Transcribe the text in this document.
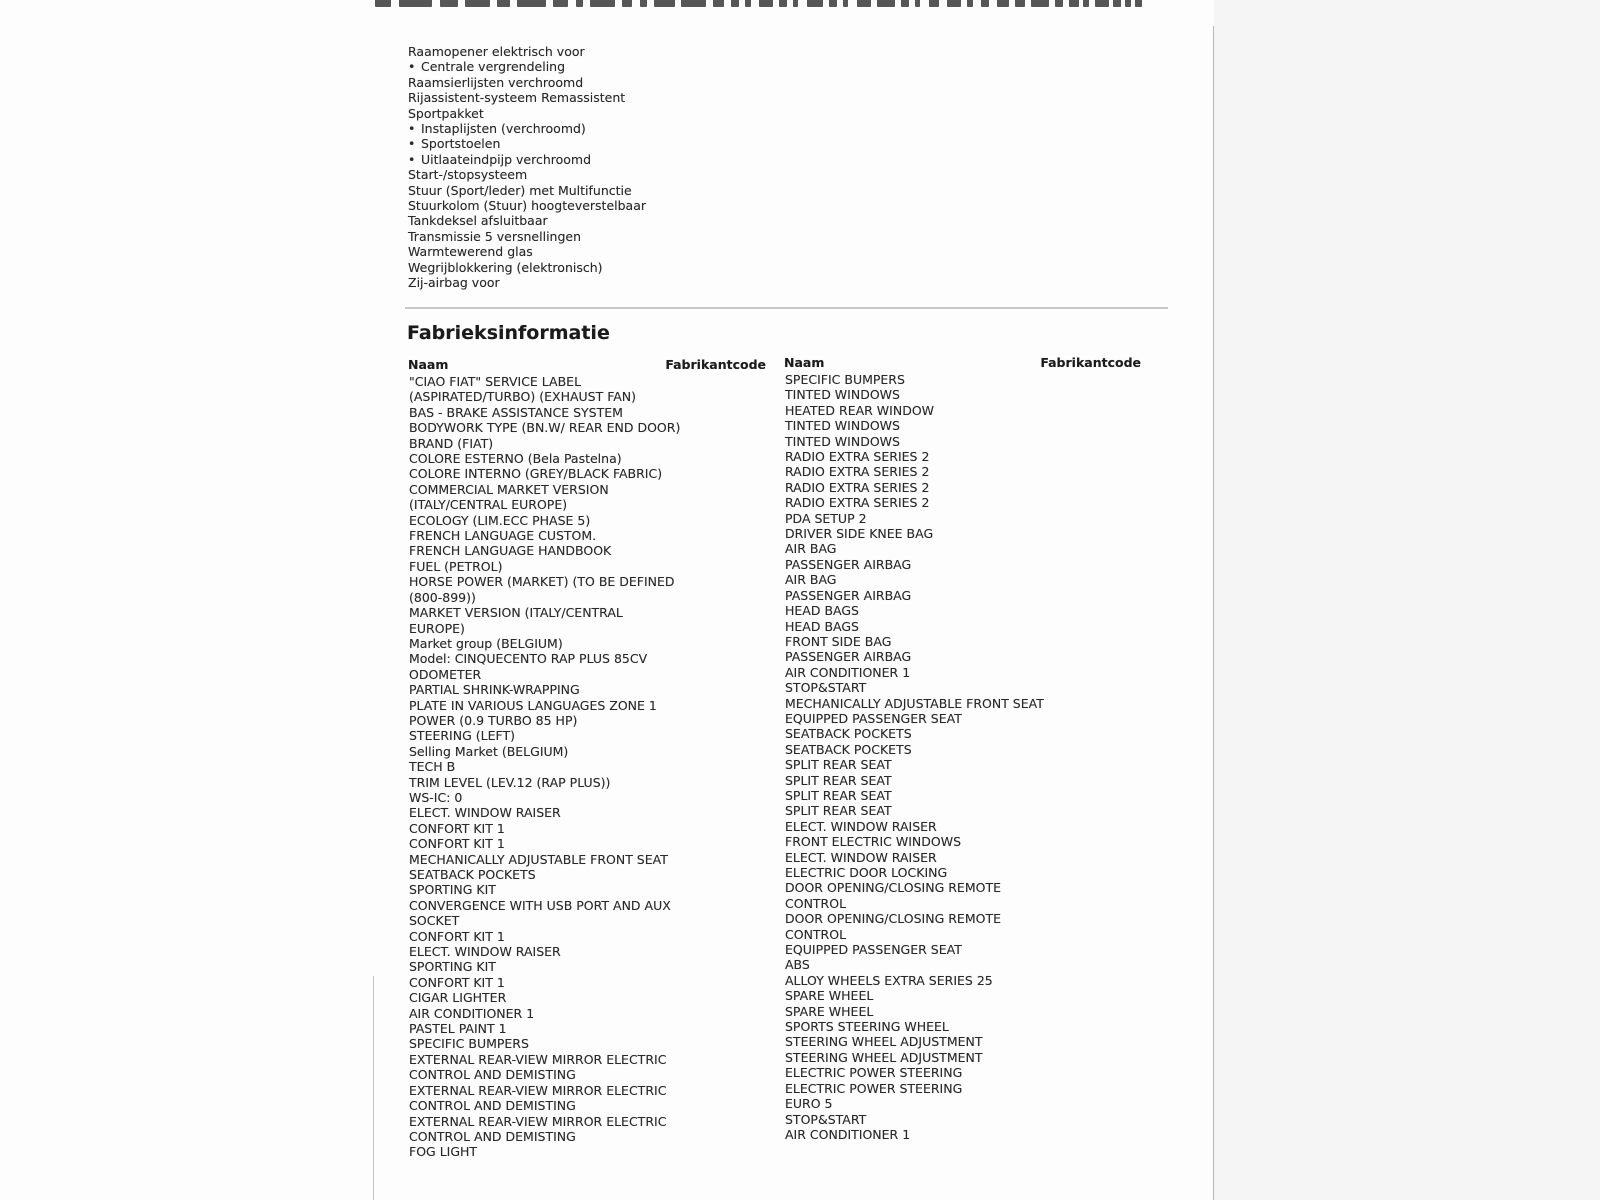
Raamopener elektrisch voor
• Centrale vergrendeling
Raamsierlijsten verchroomd
Rijassistent-systeem Remassistent
Sportpakket
• Instaplijsten (verchroomd)
• Sportstoelen
• Uitlaateindpijp verchroomd
Start-/stopsysteem
Stuur (Sport/leder) met Multifunctie
Stuurkolom (Stuur) hoogteverstelbaar
Tankdeksel afsluitbaar
Transmissie 5 versnellingen
Warmtewerend glas
Wegrijblokkering (elektronisch)
Zij-airbag voor
Fabrieksinformatie
Naam	Fabrikantcode Naam	Fabrikantcode
"CIAO FIAT" SERVICE LABEL
(ASPIRATED/TURBO) (EXHAUST FAN)
BAS - BRAKE ASSISTANCE SYSTEM
BODYWORK TYPE (BN.W/ REAR END DOOR)
BRAND (FIAT)
COLORE ESTERNO (Bela Pastelna)
COLORE INTERNO (GREY/BLACK FABRIC)
COMMERCIAL MARKET VERSION
(ITALY/CENTRAL EUROPE)
ECOLOGY (LIM.ECC PHASE 5)
FRENCH LANGUAGE CUSTOM.
FRENCH LANGUAGE HANDBOOK
FUEL (PETROL)
HORSE POWER (MARKET) (TO BE DEFINED
(800-899))
MARKET VERSION (ITALY/CENTRAL
EUROPE)
Market group (BELGIUM)
Model: CINQUECENTO RAP PLUS 85CV
ODOMETER
PARTIAL SHRINK-WRAPPING
PLATE IN VARIOUS LANGUAGES ZONE 1
POWER (0.9 TURBO 85 HP)
STEERING (LEFT)
Selling Market (BELGIUM)
TECH B
TRIM LEVEL (LEV.12 (RAP PLUS))
WS-IC: 0
ELECT. WINDOW RAISER
CONFORT KIT 1
CONFORT KIT 1
MECHANICALLY ADJUSTABLE FRONT SEAT
SEATBACK POCKETS
SPORTING KIT
CONVERGENCE WITH USB PORT AND AUX
SOCKET
CONFORT KIT 1
ELECT. WINDOW RAISER
SPORTING KIT
CONFORT KIT 1
CIGAR LIGHTER
AIR CONDITIONER 1
PASTEL PAINT 1
SPECIFIC BUMPERS
EXTERNAL REAR-VIEW MIRROR ELECTRIC
CONTROL AND DEMISTING
EXTERNAL REAR-VIEW MIRROR ELECTRIC
CONTROL AND DEMISTING
EXTERNAL REAR-VIEW MIRROR ELECTRIC
CONTROL AND DEMISTING
FOG LIGHT
SPECIFIC BUMPERS
TINTED WINDOWS
HEATED REAR WINDOW
TINTED WINDOWS
TINTED WINDOWS
RADIO EXTRA SERIES 2
RADIO EXTRA SERIES 2
RADIO EXTRA SERIES 2
RADIO EXTRA SERIES 2
PDA SETUP 2
DRIVER SIDE KNEE BAG
AIR BAG
PASSENGER AIRBAG
AIR BAG
PASSENGER AIRBAG
HEAD BAGS
HEAD BAGS
FRONT SIDE BAG
PASSENGER AIRBAG
AIR CONDITIONER 1
STOP&START
MECHANICALLY ADJUSTABLE FRONT SEAT
EQUIPPED PASSENGER SEAT
SEATBACK POCKETS
SEATBACK POCKETS
SPLIT REAR SEAT
SPLIT REAR SEAT
SPLIT REAR SEAT
SPLIT REAR SEAT
ELECT. WINDOW RAISER
FRONT ELECTRIC WINDOWS
ELECT. WINDOW RAISER
ELECTRIC DOOR LOCKING
DOOR OPENING/CLOSING REMOTE
CONTROL
DOOR OPENING/CLOSING REMOTE
CONTROL
EQUIPPED PASSENGER SEAT
ABS
ALLOY WHEELS EXTRA SERIES 25
SPARE WHEEL
SPARE WHEEL
SPORTS STEERING WHEEL
STEERING WHEEL ADJUSTMENT
STEERING WHEEL ADJUSTMENT
ELECTRIC POWER STEERING
ELECTRIC POWER STEERING
EURO 5
STOP&START
AIR CONDITIONER 1
